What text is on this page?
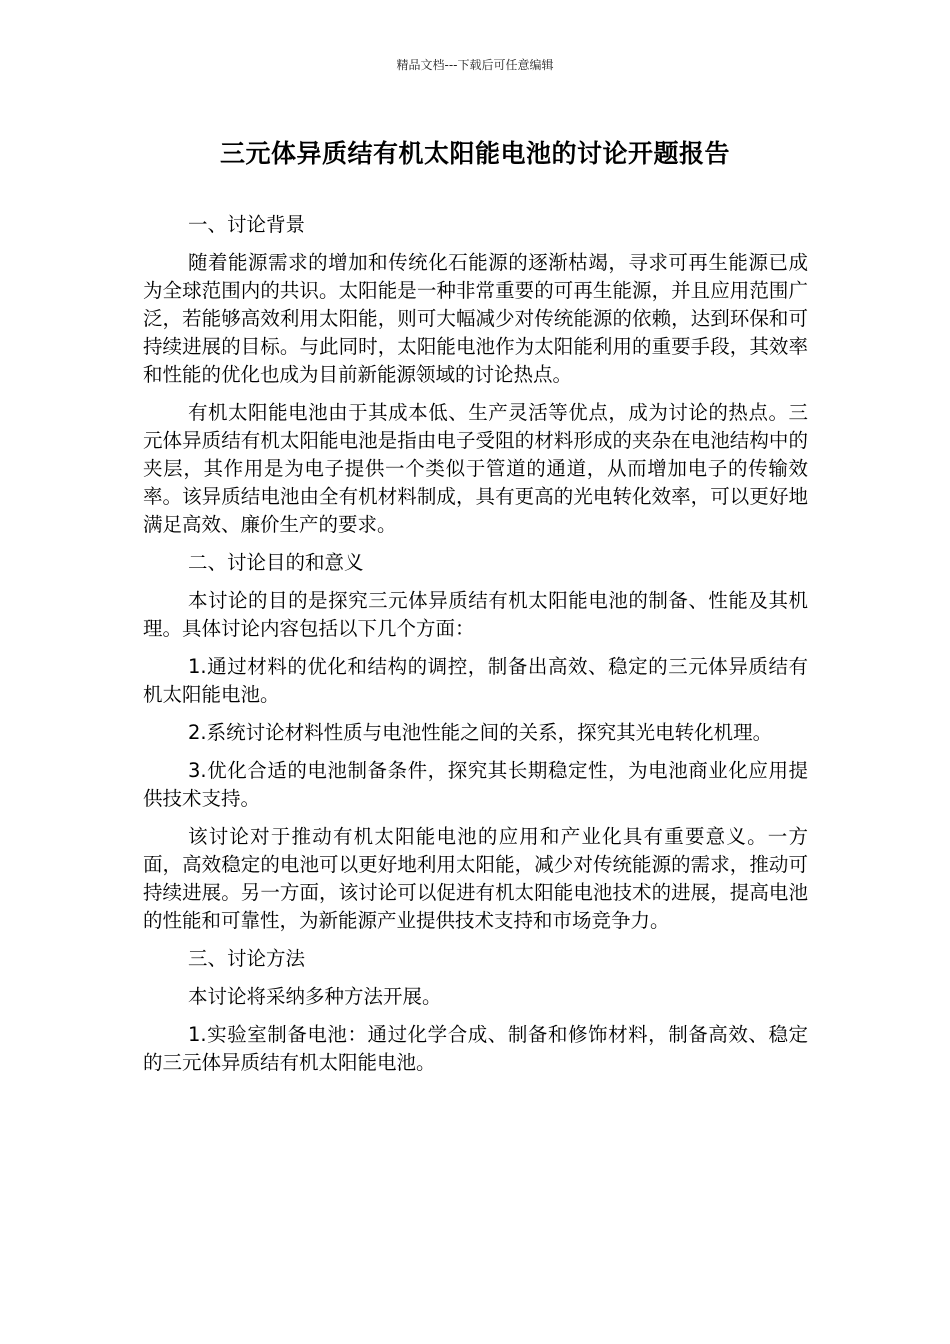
精品文档---下载后可任意编辑
三元体异质结有机太阳能电池的讨论开题报告
一、讨论背景
随着能源需求的增加和传统化石能源的逐渐枯竭，寻求可再生能源已成为全球范围内的共识。太阳能是一种非常重要的可再生能源，并且应用范围广泛，若能够高效利用太阳能，则可大幅减少对传统能源的依赖，达到环保和可持续进展的目标。与此同时，太阳能电池作为太阳能利用的重要手段，其效率和性能的优化也成为目前新能源领域的讨论热点。
有机太阳能电池由于其成本低、生产灵活等优点，成为讨论的热点。三元体异质结有机太阳能电池是指由电子受阻的材料形成的夹杂在电池结构中的夹层，其作用是为电子提供一个类似于管道的通道，从而增加电子的传输效率。该异质结电池由全有机材料制成，具有更高的光电转化效率，可以更好地满足高效、廉价生产的要求。
二、讨论目的和意义
本讨论的目的是探究三元体异质结有机太阳能电池的制备、性能及其机理。具体讨论内容包括以下几个方面：
1.通过材料的优化和结构的调控，制备出高效、稳定的三元体异质结有机太阳能电池。
2.系统讨论材料性质与电池性能之间的关系，探究其光电转化机理。
3.优化合适的电池制备条件，探究其长期稳定性，为电池商业化应用提供技术支持。
该讨论对于推动有机太阳能电池的应用和产业化具有重要意义。一方面，高效稳定的电池可以更好地利用太阳能，减少对传统能源的需求，推动可持续进展。另一方面，该讨论可以促进有机太阳能电池技术的进展，提高电池的性能和可靠性，为新能源产业提供技术支持和市场竞争力。
三、讨论方法
本讨论将采纳多种方法开展。
1.实验室制备电池：通过化学合成、制备和修饰材料，制备高效、稳定的三元体异质结有机太阳能电池。
